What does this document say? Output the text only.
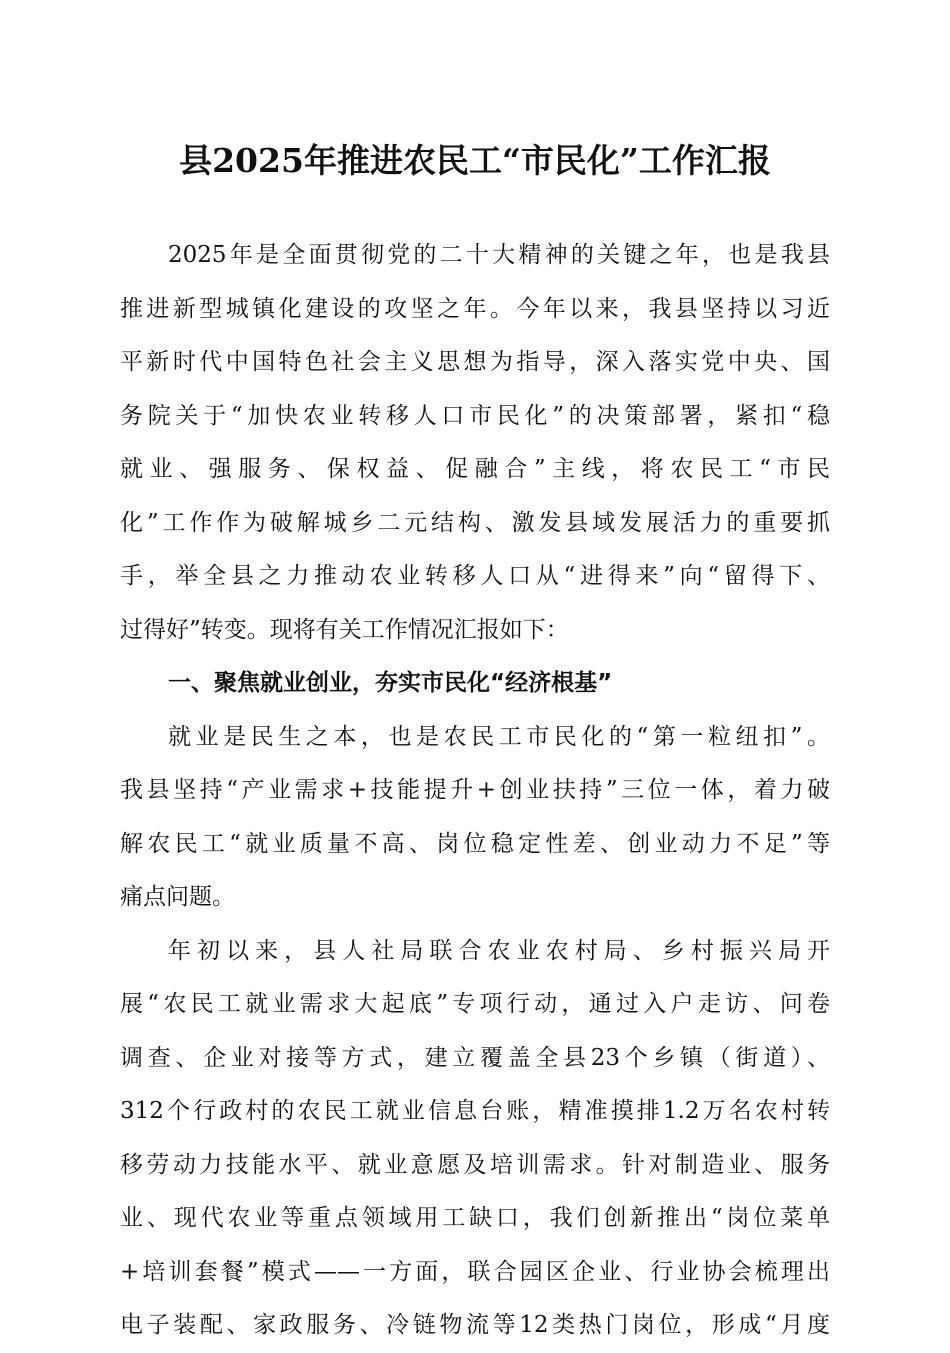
县2025年推进农民工“市民化”工作汇报
2025年是全面贯彻党的二十大精神的关键之年，也是我县
推进新型城镇化建设的攻坚之年。今年以来，我县坚持以习近
平新时代中国特色社会主义思想为指导，深入落实党中央、国
务院关于“加快农业转移人口市民化”的决策部署，紧扣“稳
就业、强服务、保权益、促融合”主线，将农民工“市民
化”工作作为破解城乡二元结构、激发县域发展活力的重要抓
手，举全县之力推动农业转移人口从“进得来”向“留得下、
过得好”转变。现将有关工作情况汇报如下：
一、聚焦就业创业，夯实市民化“经济根基”
就业是民生之本，也是农民工市民化的“第一粒纽扣”。
我县坚持“产业需求+技能提升+创业扶持”三位一体，着力破
解农民工“就业质量不高、岗位稳定性差、创业动力不足”等
痛点问题。
年初以来，县人社局联合农业农村局、乡村振兴局开
展“农民工就业需求大起底”专项行动，通过入户走访、问卷
调查、企业对接等方式，建立覆盖全县23个乡镇（街道）、
312个行政村的农民工就业信息台账，精准摸排1.2万名农村转
移劳动力技能水平、就业意愿及培训需求。针对制造业、服务
业、现代农业等重点领域用工缺口，我们创新推出“岗位菜单
+培训套餐”模式——一方面，联合园区企业、行业协会梳理出
电子装配、家政服务、冷链物流等12类热门岗位，形成“月度
